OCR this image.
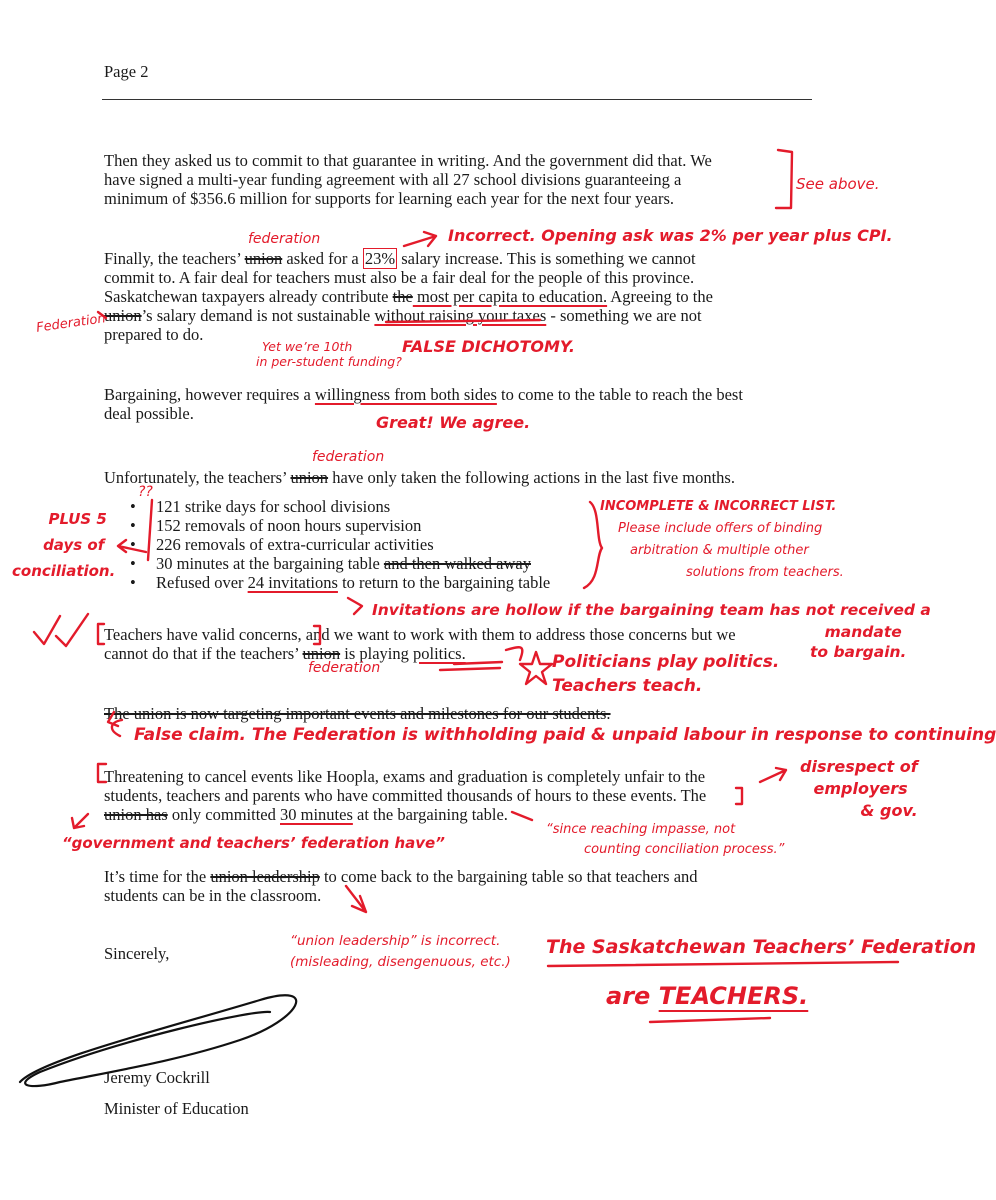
Page 2
Then they asked us to commit to that guarantee in writing. And the government did that. We
have signed a multi-year funding agreement with all 27 school divisions guaranteeing a
minimum of $356.6 million for supports for learning each year for the next four years.
Finally, the teachers’ union asked for a 23% salary increase. This is something we cannot
commit to. A fair deal for teachers must also be a fair deal for the people of this province.
Saskatchewan taxpayers already contribute the most per capita to education. Agreeing to the
union’s salary demand is not sustainable without raising your taxes - something we are not
prepared to do.
Bargaining, however requires a willingness from both sides to come to the table to reach the best
deal possible.
Unfortunately, the teachers’ union have only taken the following actions in the last five months.
• 121 strike days for school divisions
• 152 removals of noon hours supervision
• 226 removals of extra-curricular activities
• 30 minutes at the bargaining table and then walked away
• Refused over 24 invitations to return to the bargaining table
Teachers have valid concerns, and we want to work with them to address those concerns but we
cannot do that if the teachers’ union is playing politics.
The union is now targeting important events and milestones for our students.
Threatening to cancel events like Hoopla, exams and graduation is completely unfair to the
students, teachers and parents who have committed thousands of hours to these events. The
union has only committed 30 minutes at the bargaining table.
It’s time for the union leadership to come back to the bargaining table so that teachers and
students can be in the classroom.
Sincerely,
Jeremy Cockrill
Minister of Education
See above.
federation	Incorrect. Opening ask was 2% per year plus CPI.
Federation
Yet we’re 10th
in per-student funding?
FALSE DICHOTOMY.
Great! We agree.
federation
??
PLUS 5
days of
conciliation.
INCOMPLETE & INCORRECT LIST.
Please include offers of binding
arbitration & multiple other
solutions from teachers.
Invitations are hollow if the bargaining team has not received a
mandate
to bargain.
federation	Politicians play politics.
Teachers teach.
False claim. The Federation is withholding paid & unpaid labour in response to continuing
disrespect of
employers
& gov.
“government and teachers’ federation have”
“since reaching impasse, not
counting conciliation process.”
“union leadership” is incorrect.
(misleading, disengenuous, etc.)
The Saskatchewan Teachers’ Federation
are TEACHERS.
